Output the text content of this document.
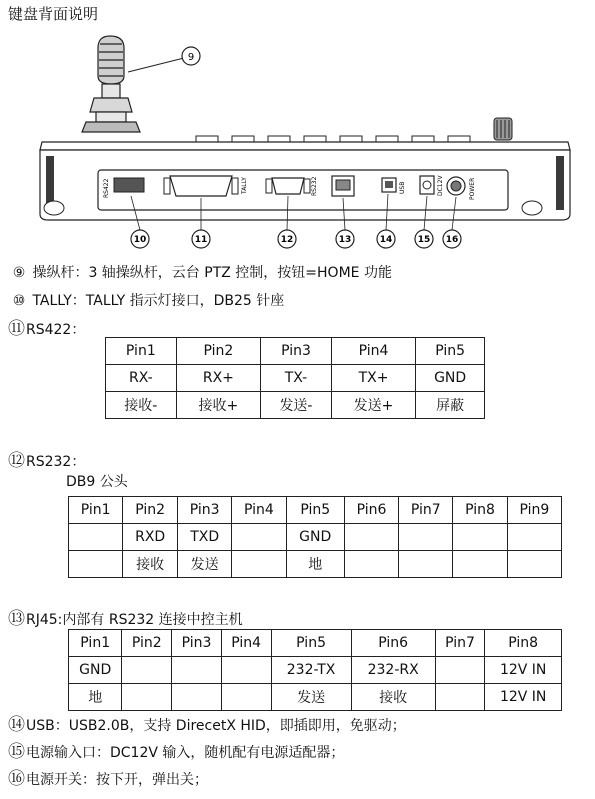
键盘背面说明
9
RS422	TALLY	RS232	USB	DC12V	POWER
10	11	12	13	14	15 16
⑨ 操纵杆：3 轴操纵杆，云台 PTZ 控制，按钮=HOME 功能
⑩ TALLY：TALLY 指示灯接口，DB25 针座
⑪RS422：
Pin1	Pin2	Pin3	Pin4	Pin5
RX-	RX+	TX-	TX+	GND
接收-	接收+	发送-	发送+	屏蔽
⑫RS232：
DB9 公头
Pin1	Pin2	Pin3	Pin4	Pin5	Pin6	Pin7	Pin8	Pin9
	RXD	TXD		GND				
	接收	发送		地				
⑬RJ45:内部有 RS232 连接中控主机
Pin1	Pin2	Pin3	Pin4	Pin5	Pin6	Pin7	Pin8
GND				232-TX	232-RX		12V IN
地				发送	接收		12V IN
⑭USB：USB2.0B，支持 DirecetX HID，即插即用，免驱动；
⑮电源输入口：DC12V 输入，随机配有电源适配器；
⑯电源开关：按下开，弹出关；
